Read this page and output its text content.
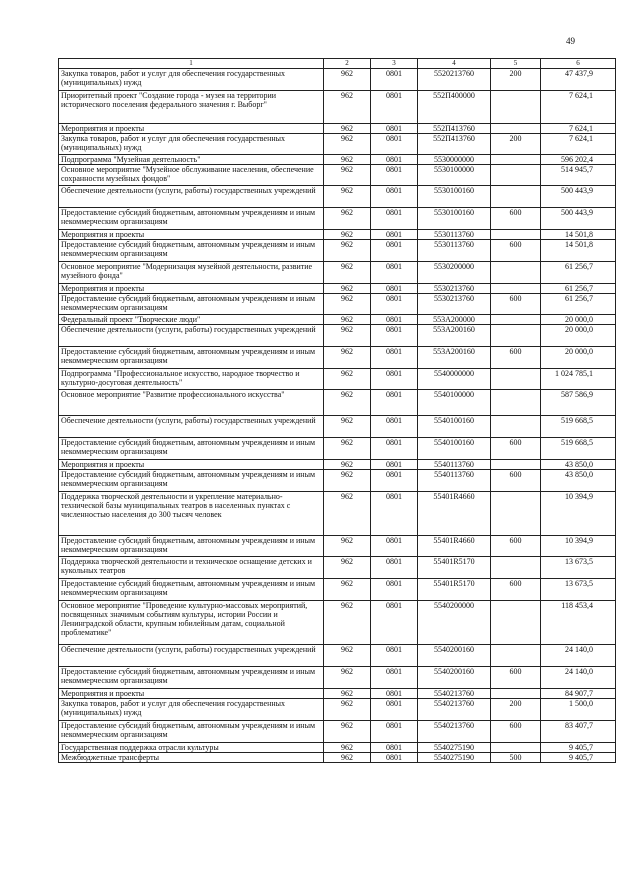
49
1	2	3	4	5	6
Закупка товаров, работ и услуг для обеспечения государственных (муниципальных) нужд	962	0801	5520213760	200	47 437,9
Приоритетный проект "Создание города - музея на территории исторического поселения федерального значения г. Выборг"	962	0801	552П400000		7 624,1
Мероприятия и проекты	962	0801	552П413760		7 624,1
Закупка товаров, работ и услуг для обеспечения государственных (муниципальных) нужд	962	0801	552П413760	200	7 624,1
Подпрограмма "Музейная деятельность"	962	0801	5530000000		596 202,4
Основное мероприятие "Музейное обслуживание населения, обеспечение сохранности музейных фондов"	962	0801	5530100000		514 945,7
Обеспечение деятельности (услуги, работы) государственных учреждений	962	0801	5530100160		500 443,9
Предоставление субсидий бюджетным, автономным учреждениям и иным некоммерческим организациям	962	0801	5530100160	600	500 443,9
Мероприятия и проекты	962	0801	5530113760		14 501,8
Предоставление субсидий бюджетным, автономным учреждениям и иным некоммерческим организациям	962	0801	5530113760	600	14 501,8
Основное мероприятие "Модернизация музейной деятельности, развитие музейного фонда"	962	0801	5530200000		61 256,7
Мероприятия и проекты	962	0801	5530213760		61 256,7
Предоставление субсидий бюджетным, автономным учреждениям и иным некоммерческим организациям	962	0801	5530213760	600	61 256,7
Федеральный проект "Творческие люди"	962	0801	553А200000		20 000,0
Обеспечение деятельности (услуги, работы) государственных учреждений	962	0801	553А200160		20 000,0
Предоставление субсидий бюджетным, автономным учреждениям и иным некоммерческим организациям	962	0801	553А200160	600	20 000,0
Подпрограмма "Профессиональное искусство, народное творчество и культурно-досуговая деятельность"	962	0801	5540000000		1 024 785,1
Основное мероприятие "Развитие профессионального искусства"	962	0801	5540100000		587 586,9
Обеспечение деятельности (услуги, работы) государственных учреждений	962	0801	5540100160		519 668,5
Предоставление субсидий бюджетным, автономным учреждениям и иным некоммерческим организациям	962	0801	5540100160	600	519 668,5
Мероприятия и проекты	962	0801	5540113760		43 850,0
Предоставление субсидий бюджетным, автономным учреждениям и иным некоммерческим организациям	962	0801	5540113760	600	43 850,0
Поддержка творческой деятельности и укрепление материально-технической базы муниципальных театров в населенных пунктах с численностью населения до 300 тысяч человек	962	0801	55401R4660		10 394,9
Предоставление субсидий бюджетным, автономным учреждениям и иным некоммерческим организациям	962	0801	55401R4660	600	10 394,9
Поддержка творческой деятельности и техническое оснащение детских и кукольных театров	962	0801	55401R5170		13 673,5
Предоставление субсидий бюджетным, автономным учреждениям и иным некоммерческим организациям	962	0801	55401R5170	600	13 673,5
Основное мероприятие "Проведение культурно-массовых мероприятий, посвященных значимым событиям культуры, истории России и Ленинградской области, крупным юбилейным датам, социальной проблематике"	962	0801	5540200000		118 453,4
Обеспечение деятельности (услуги, работы) государственных учреждений	962	0801	5540200160		24 140,0
Предоставление субсидий бюджетным, автономным учреждениям и иным некоммерческим организациям	962	0801	5540200160	600	24 140,0
Мероприятия и проекты	962	0801	5540213760		84 907,7
Закупка товаров, работ и услуг для обеспечения государственных (муниципальных) нужд	962	0801	5540213760	200	1 500,0
Предоставление субсидий бюджетным, автономным учреждениям и иным некоммерческим организациям	962	0801	5540213760	600	83 407,7
Государственная поддержка отрасли культуры	962	0801	5540275190		9 405,7
Межбюджетные трансферты	962	0801	5540275190	500	9 405,7
